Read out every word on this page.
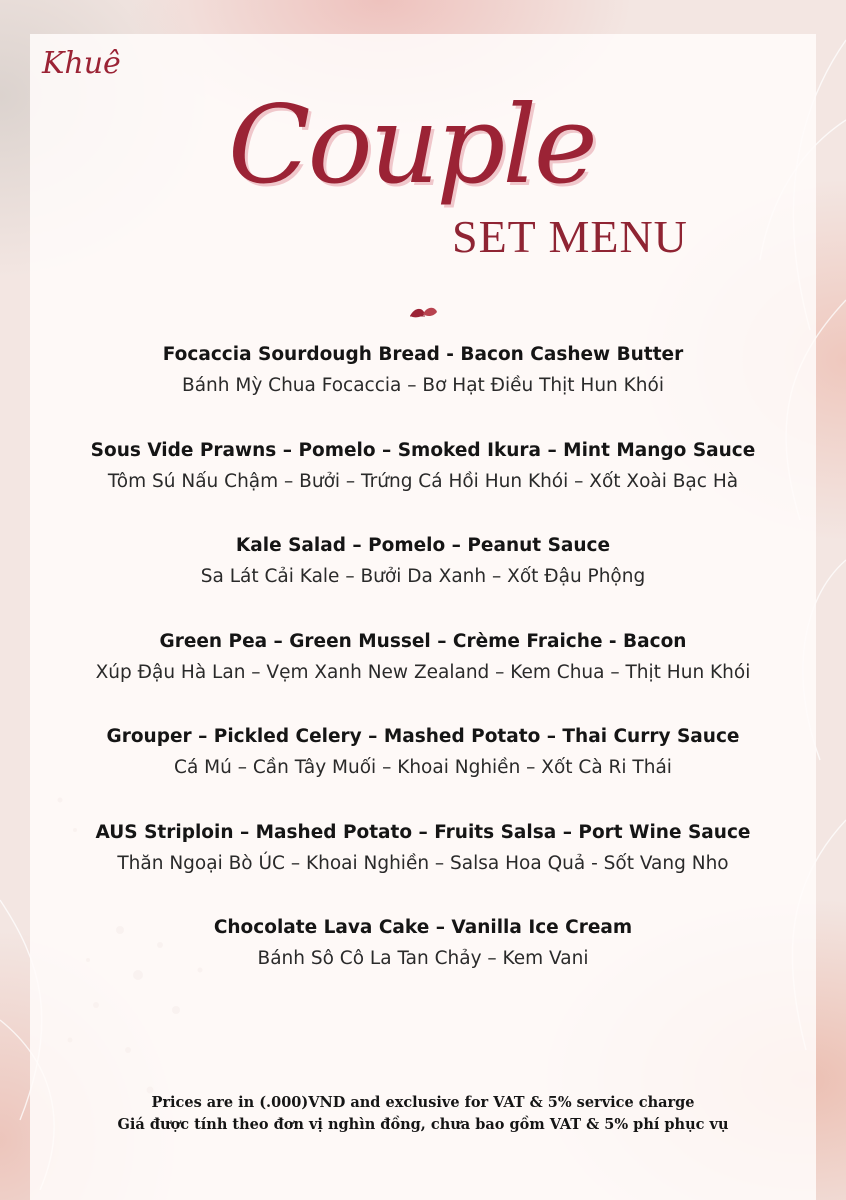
Khuê
Couple
SET MENU
Focaccia Sourdough Bread - Bacon Cashew Butter
Bánh Mỳ Chua Focaccia – Bơ Hạt Điều Thịt Hun Khói
Sous Vide Prawns – Pomelo – Smoked Ikura – Mint Mango Sauce
Tôm Sú Nấu Chậm – Bưởi – Trứng Cá Hồi Hun Khói – Xốt Xoài Bạc Hà
Kale Salad – Pomelo – Peanut Sauce
Sa Lát Cải Kale – Bưởi Da Xanh – Xốt Đậu Phộng
Green Pea – Green Mussel – Crème Fraiche - Bacon
Xúp Đậu Hà Lan – Vẹm Xanh New Zealand – Kem Chua – Thịt Hun Khói
Grouper – Pickled Celery – Mashed Potato – Thai Curry Sauce
Cá Mú – Cần Tây Muối – Khoai Nghiền – Xốt Cà Ri Thái
AUS Striploin – Mashed Potato – Fruits Salsa – Port Wine Sauce
Thăn Ngoại Bò ÚC – Khoai Nghiền – Salsa Hoa Quả - Sốt Vang Nho
Chocolate Lava Cake – Vanilla Ice Cream
Bánh Sô Cô La Tan Chảy – Kem Vani
Prices are in (.000)VND and exclusive for VAT & 5% service charge
Giá được tính theo đơn vị nghìn đồng, chưa bao gồm VAT & 5% phí phục vụ
